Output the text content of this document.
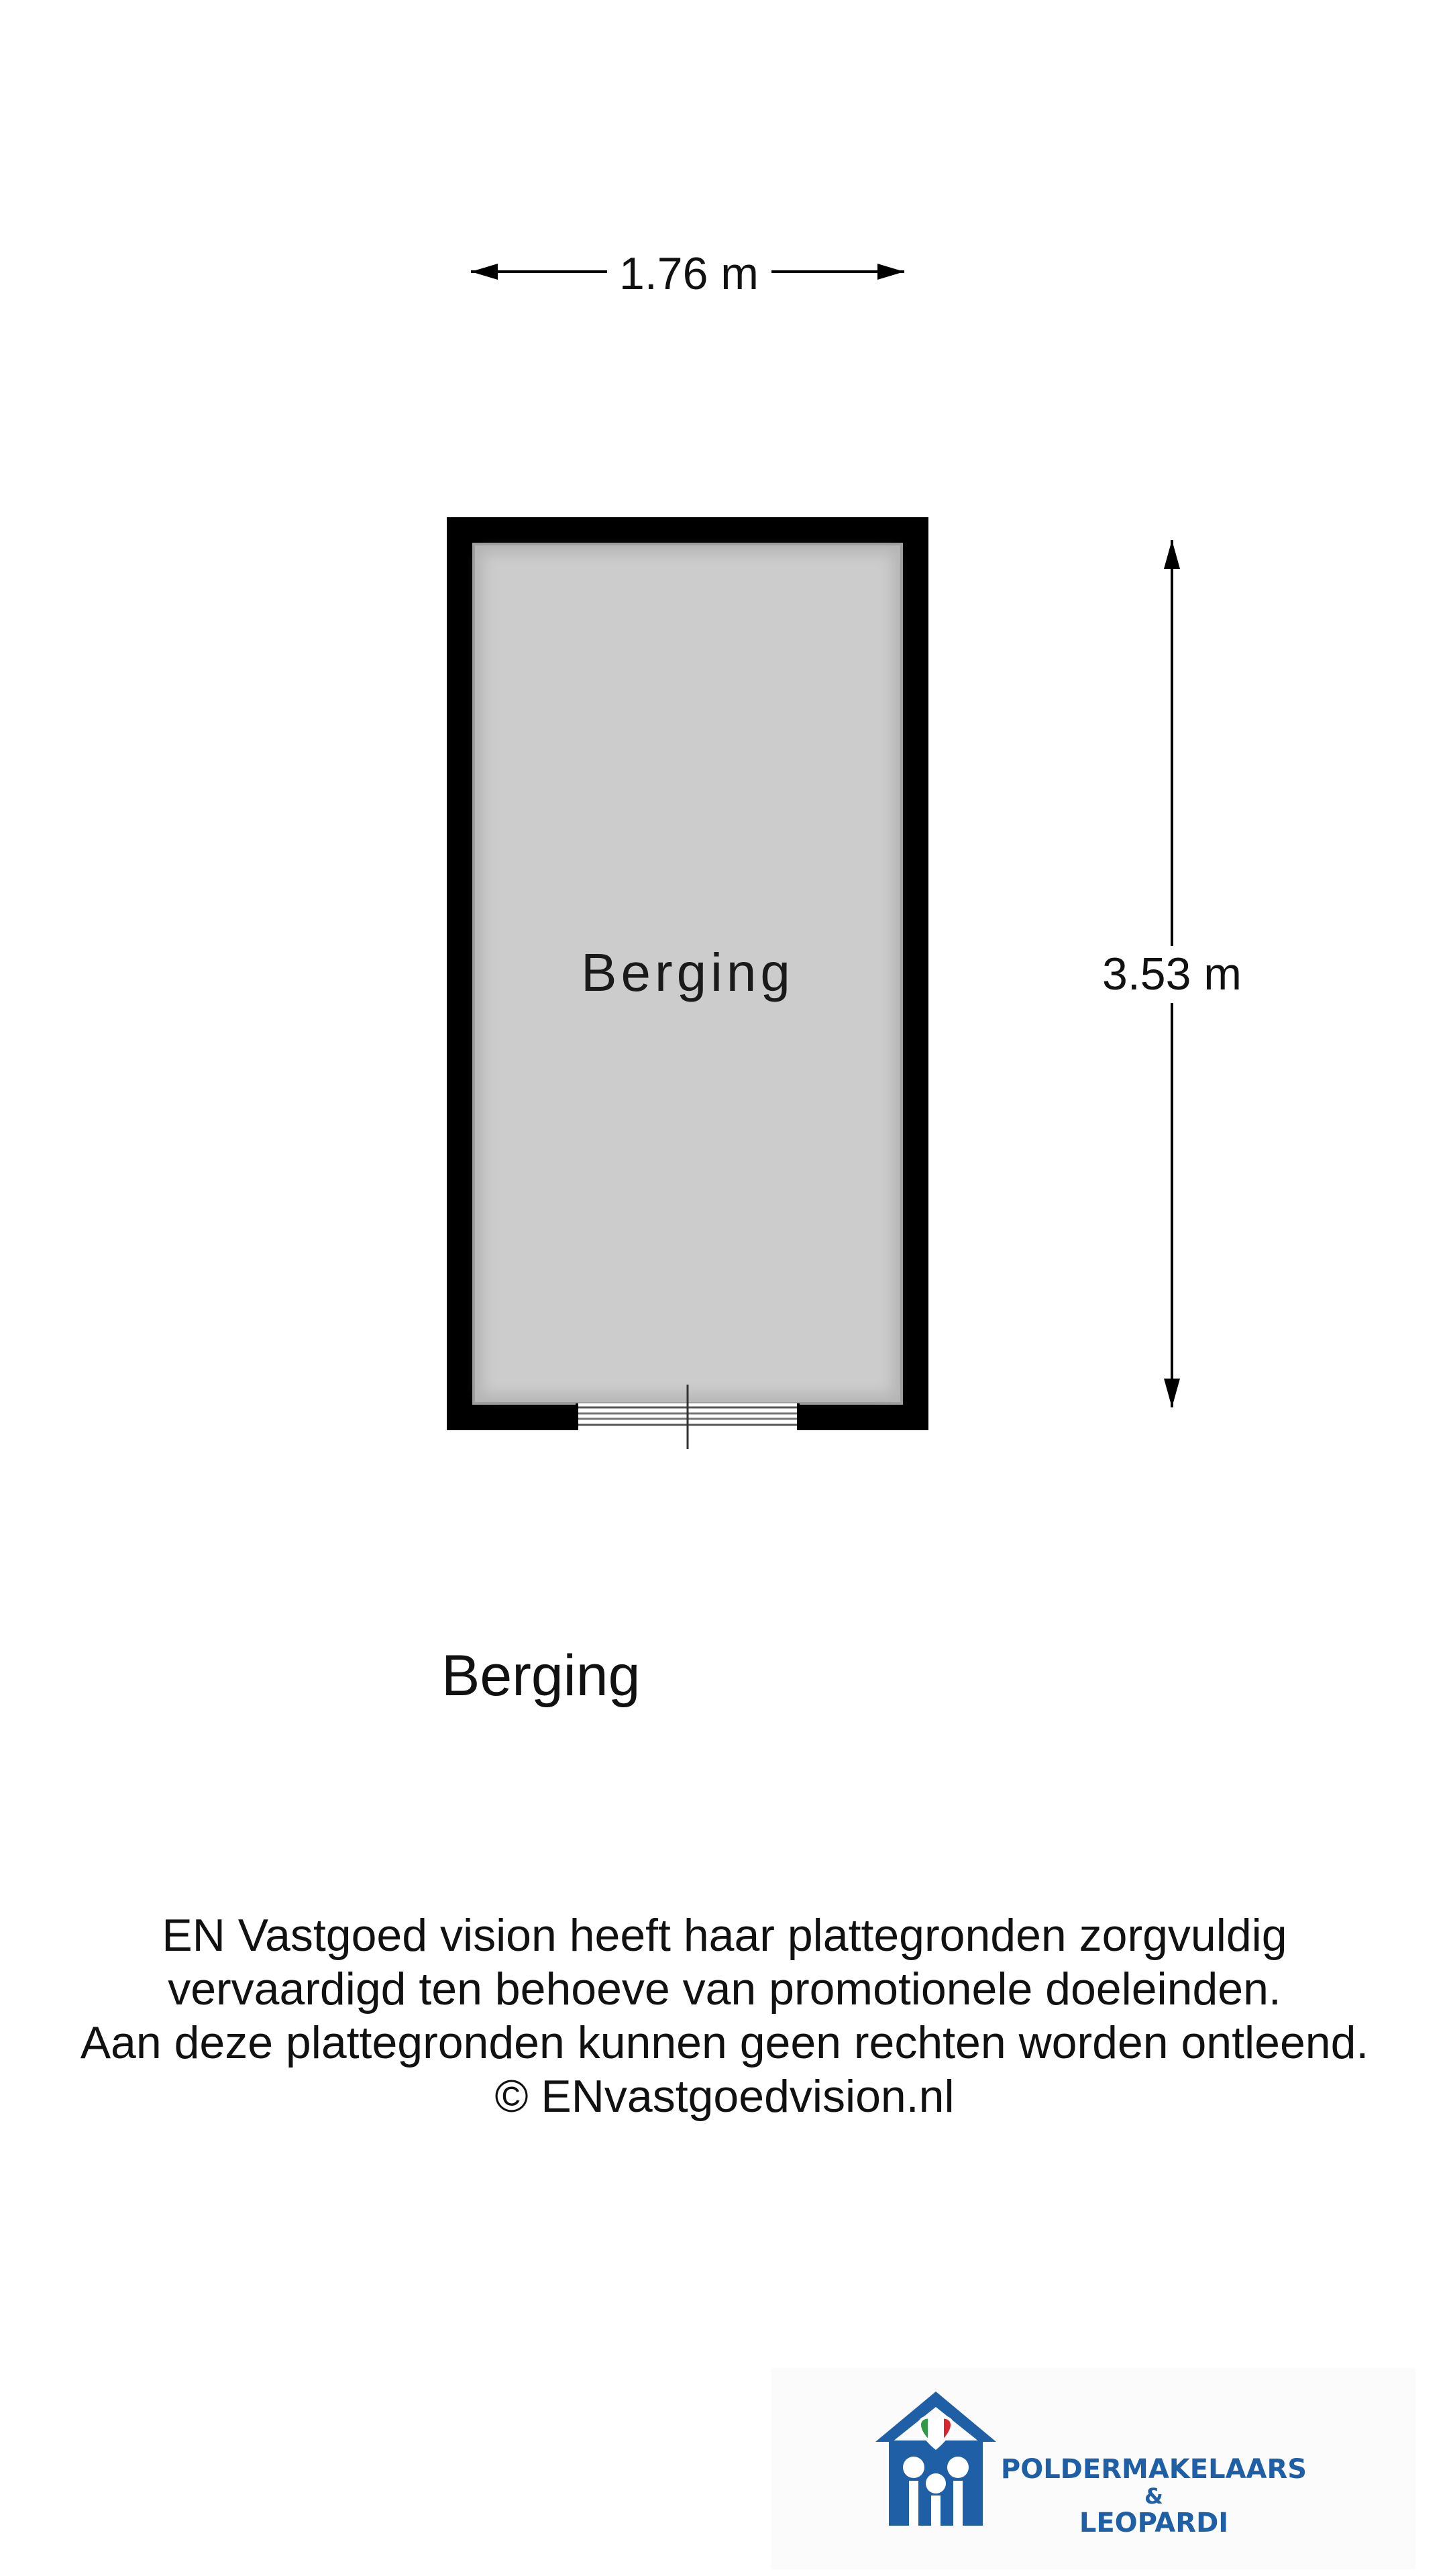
1.76 m
3.53 m
Berging
Berging
EN Vastgoed vision heeft haar plattegronden zorgvuldig
vervaardigd ten behoeve van promotionele doeleinden.
Aan deze plattegronden kunnen geen rechten worden ontleend.
© ENvastgoedvision.nl
POLDERMAKELAARS
&
LEOPARDI
